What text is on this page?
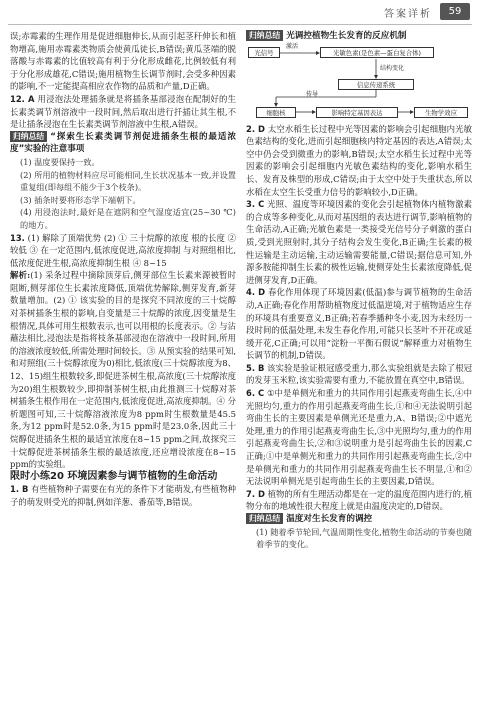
答案详析	59

误;赤霉素的生理作用是促进细胞伸长,从而引起茎秆伸长和植物增高,施用赤霉素类物质会使黄瓜徒长,B错误;黄瓜茎端的脱落酸与赤霉素的比值较高有利于分化形成雌花,比例较低有利于分化形成雄花,C错误;施用植物生长调节剂时,会受多种因素的影响,不一定能提高相应农作物的品质和产量,D正确。

12. A 用浸泡法处理插条就是将插条基部浸泡在配制好的生长素类调节剂溶液中一段时间,然后取出进行扦插让其生根,不是让插条浸泡在生长素类调节剂溶液中生根,A错误。

归纳总结 “探索生长素类调节剂促进插条生根的最适浓度”实验的注意事项

(1) 温度要保持一致。

(2) 所用的植物材料应尽可能相同,生长状况基本一致,并设置重复组(即每组不能少于3个枝条)。

(3) 插条时要将形态学下端朝下。

(4) 用浸泡法时,最好是在遮阴和空气湿度适宜(25~30 ℃)的地方。

13. (1) 解除了顶端优势 (2) ① 三十烷醇的浓度 根的长度 ② 较低 ③ 在一定范围内,低浓度促进,高浓度抑制 与对照组相比,低浓度促进生根,高浓度抑制生根 ④ 8~15

解析:(1) 采条过程中摘除顶芽后,侧芽部位生长素来源被暂时阻断,侧芽部位生长素浓度降低,顶端优势解除,侧芽发育,新芽数量增加。(2) ① 该实验的目的是探究不同浓度的三十烷醇对茶树插条生根的影响,自变量是三十烷醇的浓度,因变量是生根情况,具体可用生根数表示,也可以用根的长度表示。② 与沾蘸法相比,浸泡法是指将枝条基部浸泡在溶液中一段时间,所用的溶液浓度较低,所需处理时间较长。③ 从预实验的结果可知,和对照组(三十烷醇浓度为0)相比,低浓度(三十烷醇浓度为8、12、15)组生根数较多,即促进茶树生根,高浓度(三十烷醇浓度为20)组生根数较少,即抑制茶树生根,由此推测三十烷醇对茶树插条生根作用在一定范围内,低浓度促进,高浓度抑制。④ 分析题图可知,三十烷醇溶液浓度为8 ppm时生根数量是45.5条,为12 ppm时是52.0条,为15 ppm时是23.0条,因此三十烷醇促进插条生根的最适宜浓度在8~15 ppm之间,故探究三十烷醇促进茶树插条生根的最适浓度,还应增设浓度在8~15 ppm的实验组。

限时小练20 环境因素参与调节植物的生命活动

1. B 有些植物种子需要在有光的条件下才能萌发,有些植物种子的萌发则受光的抑制,例如洋葱、番茄等,B错误。

归纳总结 光调控植物生长发育的反应机制

光信号
激活
光敏色素(是色素—蛋白复合体)
结构变化
信息传递系统
传导
细胞核	影响特定基因表达	生物学效应

2. D 太空水稻生长过程中光等因素的影响会引起细胞内光敏色素结构的变化,进而引起细胞核内特定基因的表达,A错误;太空中仍会受到微重力的影响,B错误;太空水稻生长过程中光等因素的影响会引起细胞内光敏色素结构的变化,影响水稻生长、发育及株型的形成,C错误;由于太空中处于失重状态,所以水稻在太空生长受重力信号的影响较小,D正确。

3. C 光照、温度等环境因素的变化会引起植物体内植物激素的合成等多种变化,从而对基因组的表达进行调节,影响植物的生命活动,A正确;光敏色素是一类接受光信号分子刺激的蛋白质,受到光照射时,其分子结构会发生变化,B正确;生长素的极性运输是主动运输,主动运输需要能量,C错误;据信息可知,外源多胺能抑制生长素的极性运输,使侧芽处生长素浓度降低,促进侧芽发育,D正确。

4. D 春化作用体现了环境因素(低温)参与调节植物的生命活动,A正确;春化作用帮助植物度过低温逆境,对于植物适应生存的环境具有重要意义,B正确;若春季播种冬小麦,因为未经历一段时间的低温处理,未发生春化作用,可能只长茎叶不开花或延缓开花,C正确;可以用“淀粉一平衡石假说”解释重力对植物生长调节的机制,D错误。

5. B 该实验是验证根冠感受重力,那么实验组就是去除了根冠的发芽玉米粒,该实验需要有重力,不能放置在真空中,B错误。

6. C ①中是单侧光和重力的共同作用引起燕麦弯曲生长,④中光照均匀,重力的作用引起燕麦弯曲生长,①和④无法说明引起弯曲生长的主要因素是单侧光还是重力,A、B错误;②中遮光处理,重力的作用引起燕麦弯曲生长,③中光照均匀,重力的作用引起燕麦弯曲生长,②和③说明重力是引起弯曲生长的因素,C正确;①中是单侧光和重力的共同作用引起燕麦弯曲生长,②中是单侧光和重力的共同作用引起燕麦弯曲生长不明显,①和②无法说明单侧光是引起弯曲生长的主要因素,D错误。

7. D 植物的所有生理活动都是在一定的温度范围内进行的,植物分布的地域性很大程度上就是由温度决定的,D错误。

归纳总结 温度对生长发育的调控

(1) 随着季节轮回,气温周期性变化,植物生命活动的节奏也随着季节的变化。
